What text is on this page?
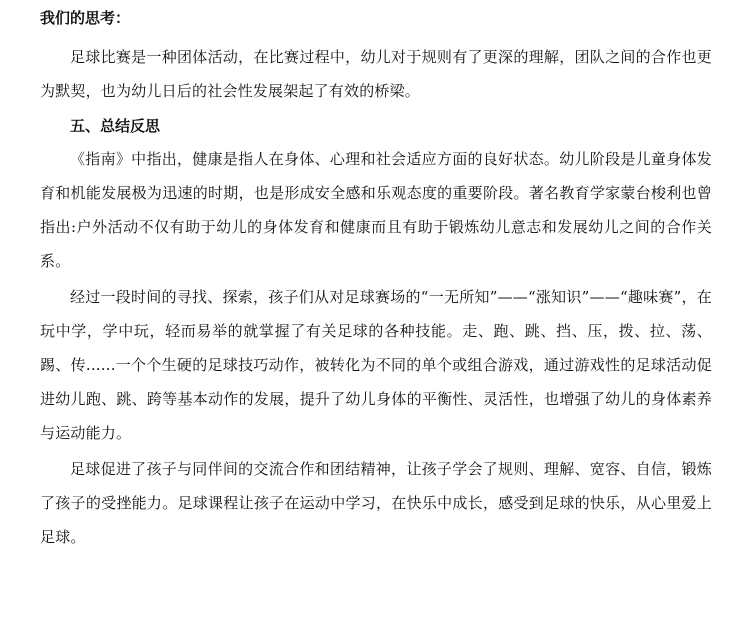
我们的思考：

足球比赛是一种团体活动，在比赛过程中，幼儿对于规则有了更深的理解，团队之间的合作也更为默契，也为幼儿日后的社会性发展架起了有效的桥梁。

五、总结反思

《指南》中指出，健康是指人在身体、心理和社会适应方面的良好状态。幼儿阶段是儿童身体发育和机能发展极为迅速的时期，也是形成安全感和乐观态度的重要阶段。著名教育学家蒙台梭利也曾指出:户外活动不仅有助于幼儿的身体发育和健康而且有助于锻炼幼儿意志和发展幼儿之间的合作关系。

经过一段时间的寻找、探索，孩子们从对足球赛场的“一无所知”——“涨知识”——“趣味赛”，在玩中学，学中玩，轻而易举的就掌握了有关足球的各种技能。走、跑、跳、挡、压，拨、拉、荡、踢、传......一个个生硬的足球技巧动作，被转化为不同的单个或组合游戏，通过游戏性的足球活动促进幼儿跑、跳、跨等基本动作的发展，提升了幼儿身体的平衡性、灵活性，也增强了幼儿的身体素养与运动能力。

足球促进了孩子与同伴间的交流合作和团结精神，让孩子学会了规则、理解、宽容、自信，锻炼了孩子的受挫能力。足球课程让孩子在运动中学习，在快乐中成长，感受到足球的快乐，从心里爱上足球。
